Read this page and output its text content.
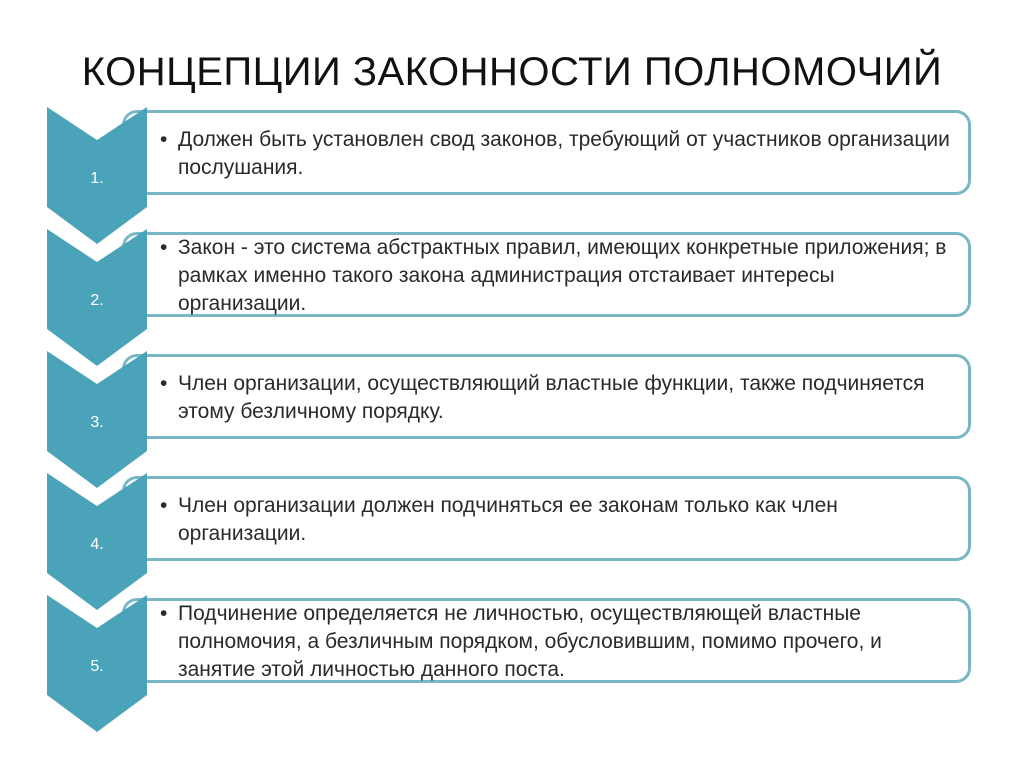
КОНЦЕПЦИИ ЗАКОННОСТИ ПОЛНОМОЧИЙ
1.
2.
3.
4.
5.
• Должен быть установлен свод законов, требующий от участников организации послушания.
• Закон - это система абстрактных правил, имеющих конкретные приложения; в рамках именно такого закона администрация отстаивает интересы организации.
• Член организации, осуществляющий властные функции, также подчиняется этому безличному порядку.
• Член организации должен подчиняться ее законам только как член организации.
• Подчинение определяется не личностью, осуществляющей властные полномочия, а безличным порядком, обусловившим, помимо прочего, и занятие этой личностью данного поста.
